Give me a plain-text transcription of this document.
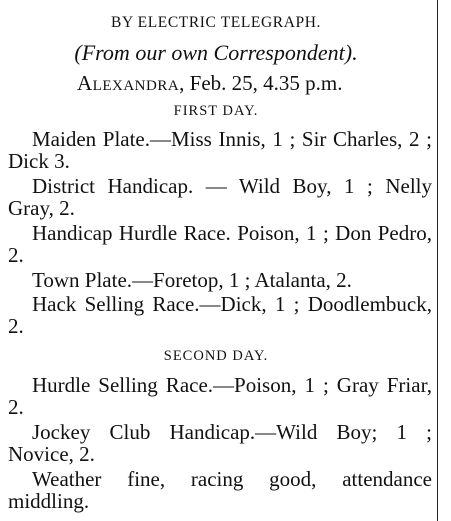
BY ELECTRIC TELEGRAPH.
(From our own Correspondent).
Alexandra, Feb. 25, 4.35 p.m.
FIRST DAY.

Maiden Plate.—Miss Innis, 1 ; Sir Charles, 2 ; Dick 3.

District Handicap. — Wild Boy, 1 ; Nelly Gray, 2.

Handicap Hurdle Race. Poison, 1 ; Don Pedro, 2.

Town Plate.—Foretop, 1 ; Atalanta, 2.

Hack Selling Race.—Dick, 1 ; Doodlembuck, 2.

SECOND DAY.

Hurdle Selling Race.—Poison, 1 ; Gray Friar, 2.

Jockey Club Handicap.—Wild Boy; 1 ; Novice, 2.

Weather fine, racing good, attendance middling.
